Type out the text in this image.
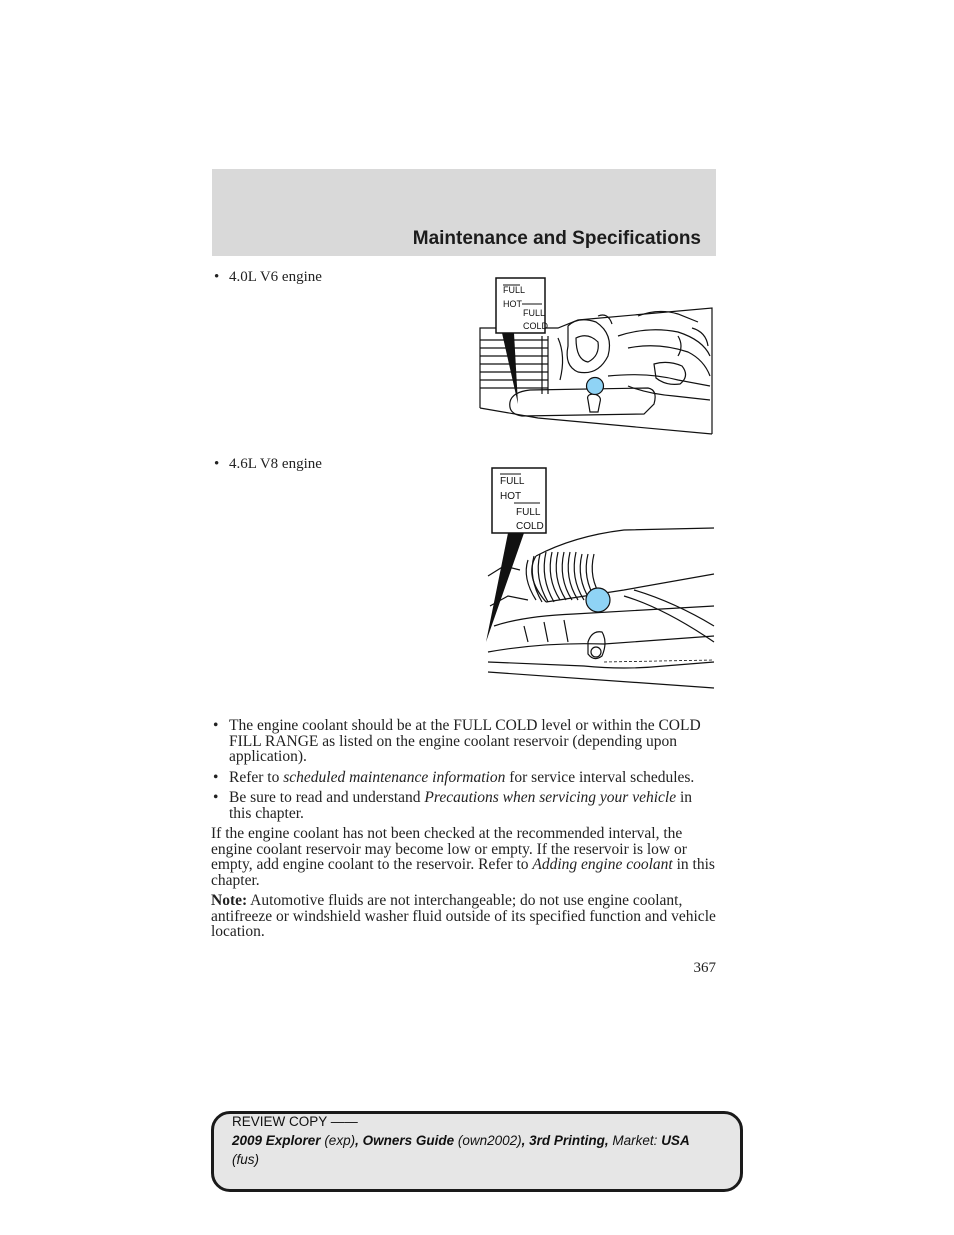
Maintenance and Specifications
• 4.0L V6 engine
FULL
HOT
FULL
COLD
• 4.6L V8 engine
FULL
HOT
FULL
COLD
• The engine coolant should be at the FULL COLD level or within the COLD FILL RANGE as listed on the engine coolant reservoir (depending upon application).
• Refer to scheduled maintenance information for service interval schedules.
• Be sure to read and understand Precautions when servicing your vehicle in this chapter.

If the engine coolant has not been checked at the recommended interval, the engine coolant reservoir may become low or empty. If the reservoir is low or empty, add engine coolant to the reservoir. Refer to Adding engine coolant in this chapter.

Note: Automotive fluids are not interchangeable; do not use engine coolant, antifreeze or windshield washer fluid outside of its specified function and vehicle location.

367
REVIEW COPY ——
2009 Explorer (exp), Owners Guide (own2002), 3rd Printing, Market: USA
(fus)
